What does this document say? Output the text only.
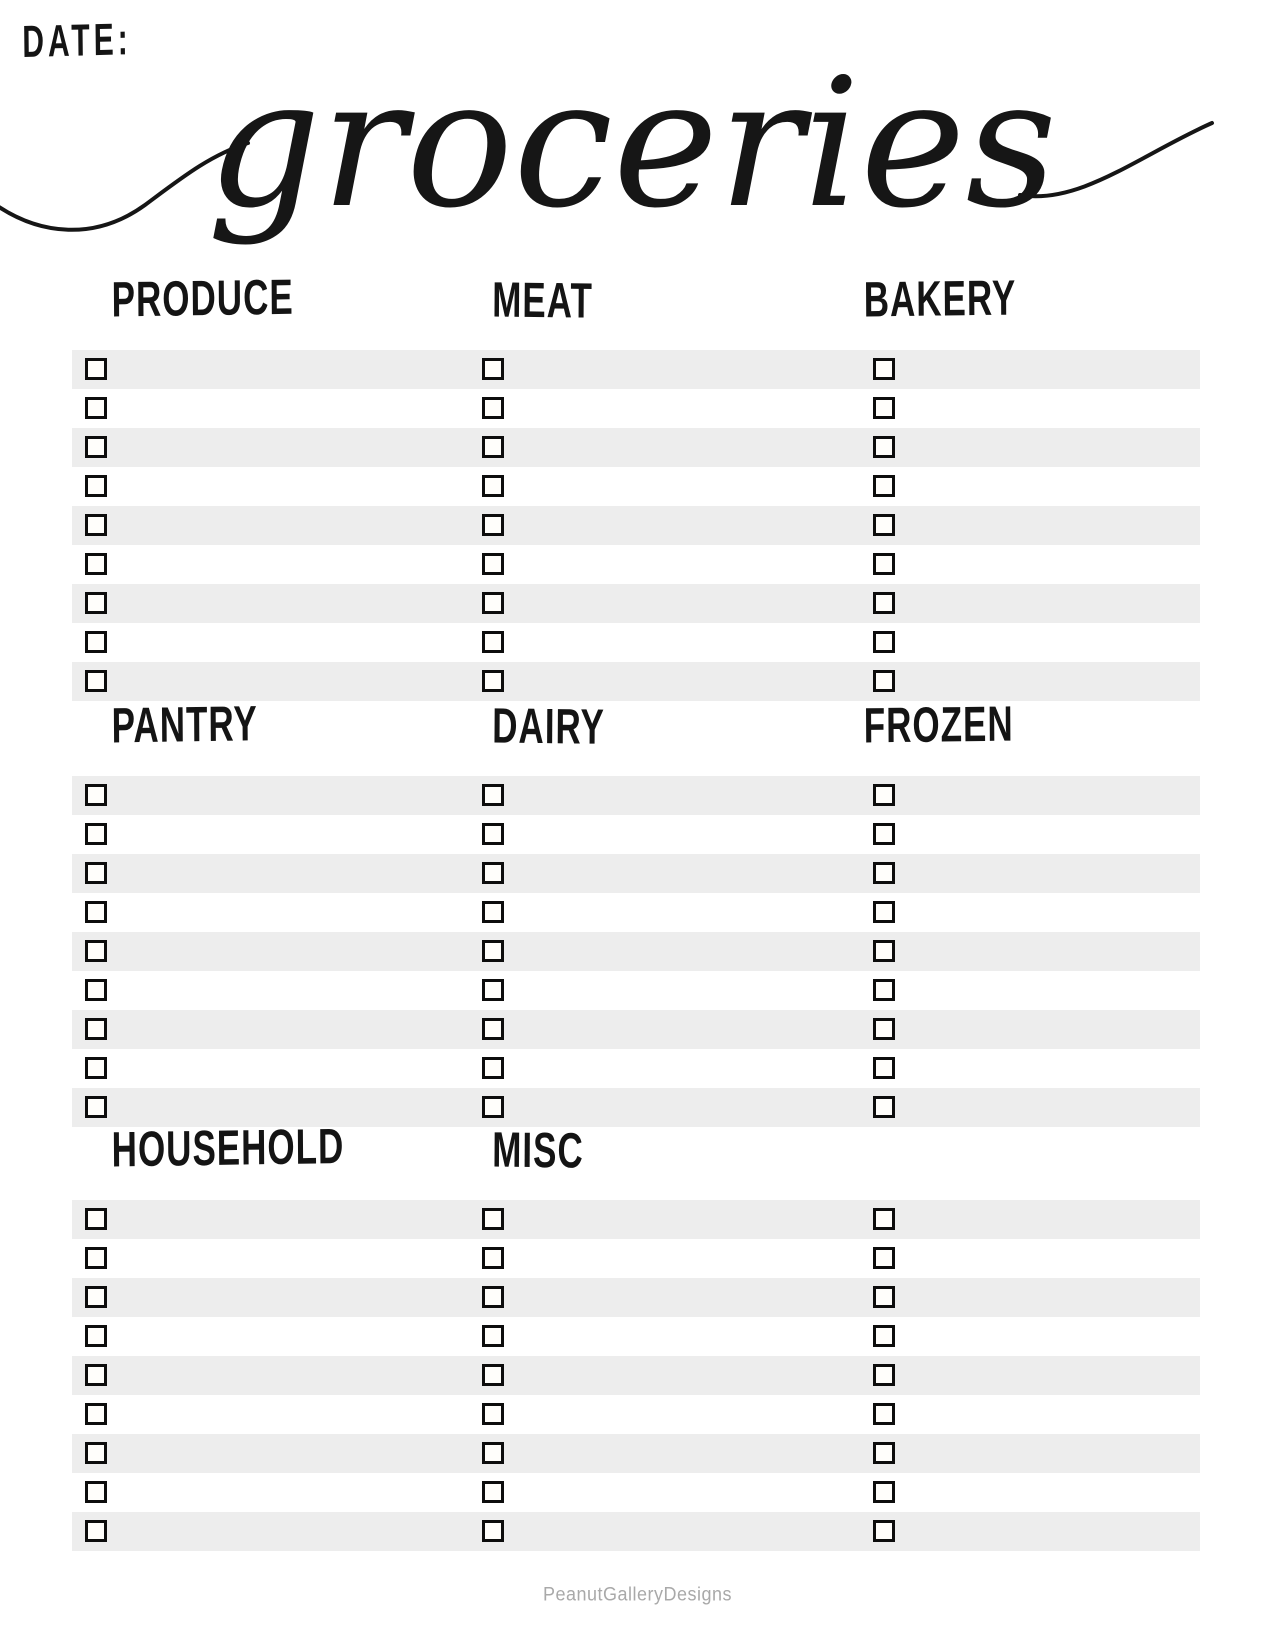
DATE: groceries
PRODUCE	MEAT	BAKERY
PANTRY	DAIRY	FROZEN
HOUSEHOLD	MISC
PeanutGalleryDesigns
